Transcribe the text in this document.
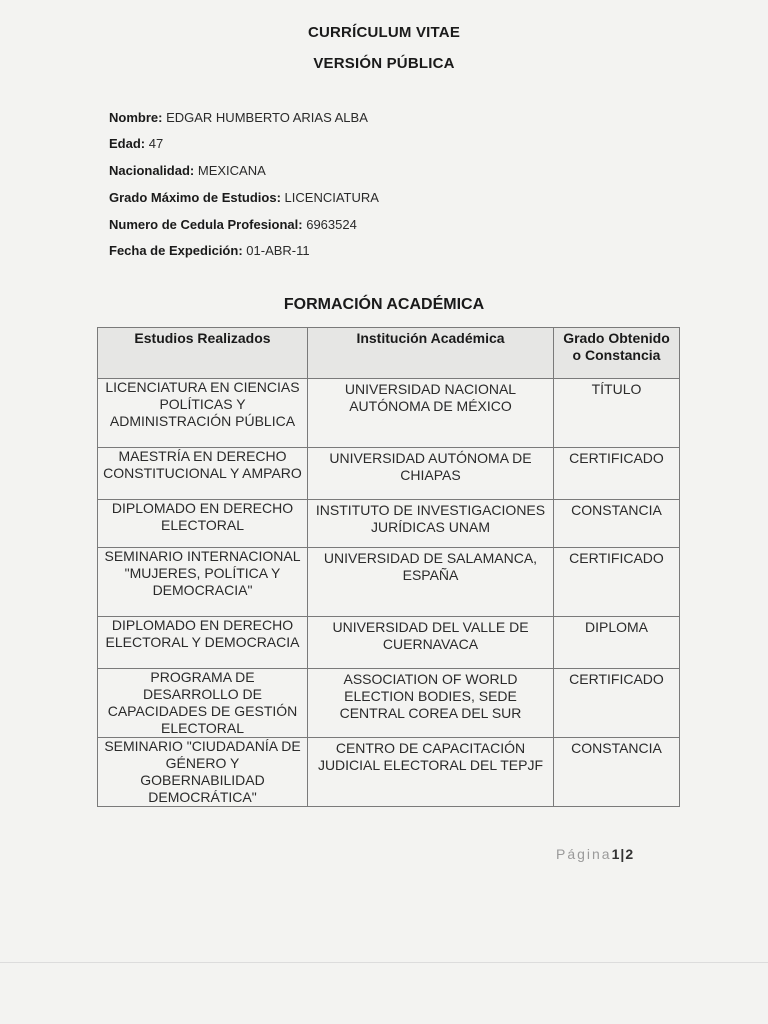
CURRÍCULUM VITAE
VERSIÓN PÚBLICA
Nombre: EDGAR HUMBERTO ARIAS ALBA
Edad: 47
Nacionalidad: MEXICANA
Grado Máximo de Estudios: LICENCIATURA
Numero de Cedula Profesional: 6963524
Fecha de Expedición: 01-ABR-11
FORMACIÓN ACADÉMICA
Estudios Realizados	Institución Académica	Grado Obtenido o Constancia
LICENCIATURA EN CIENCIAS POLÍTICAS Y ADMINISTRACIÓN PÚBLICA	UNIVERSIDAD NACIONAL AUTÓNOMA DE MÉXICO	TÍTULO
MAESTRÍA EN DERECHO CONSTITUCIONAL Y AMPARO	UNIVERSIDAD AUTÓNOMA DE CHIAPAS	CERTIFICADO
DIPLOMADO EN DERECHO ELECTORAL	INSTITUTO DE INVESTIGACIONES JURÍDICAS UNAM	CONSTANCIA
SEMINARIO INTERNACIONAL "MUJERES, POLÍTICA Y DEMOCRACIA"	UNIVERSIDAD DE SALAMANCA, ESPAÑA	CERTIFICADO
DIPLOMADO EN DERECHO ELECTORAL Y DEMOCRACIA	UNIVERSIDAD DEL VALLE DE CUERNAVACA	DIPLOMA
PROGRAMA DE DESARROLLO DE CAPACIDADES DE GESTIÓN ELECTORAL	ASSOCIATION OF WORLD ELECTION BODIES, SEDE CENTRAL COREA DEL SUR	CERTIFICADO
SEMINARIO "CIUDADANÍA DE GÉNERO Y GOBERNABILIDAD DEMOCRÁTICA"	CENTRO DE CAPACITACIÓN JUDICIAL ELECTORAL DEL TEPJF	CONSTANCIA
Página1|2
